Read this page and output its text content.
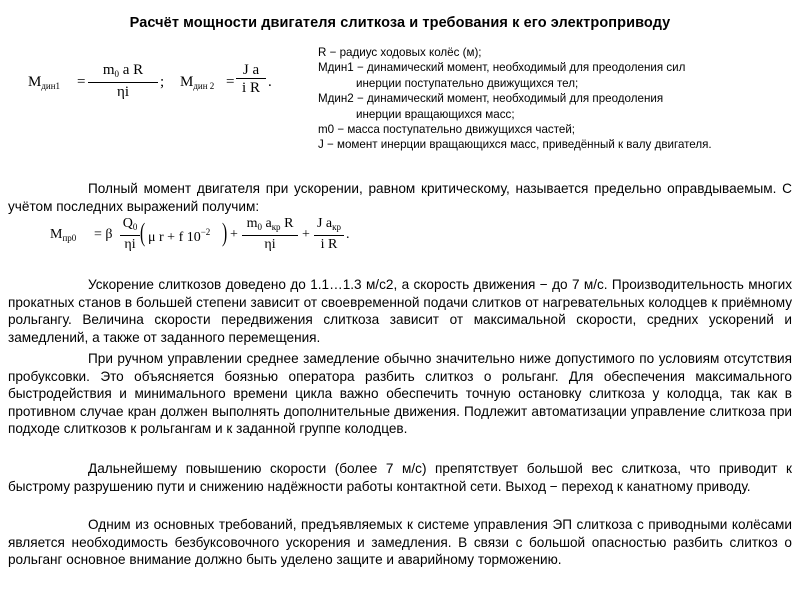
Расчёт мощности двигателя слиткоза и требования к его электроприводу
$M_{дин1} = \frac{m_0 a R}{\eta i}$ ; $M_{дин 2} = \frac{\text{J a}}{\text{i R}}$ .
R − радиус ходовых колёс (м);
Мдин1 − динамический момент, необходимый для преодоления сил
инерции поступательно движущихся тел;
Мдин2 − динамический момент, необходимый для преодоления
инерции вращающихся масс;
m0 − масса поступательно движущихся частей;
J − момент инерции вращающихся масс, приведённый к валу двигателя.
Полный момент двигателя при ускорении, равном критическому, называется предельно оправдываемым. С учётом последних выражений получим:
$M_{пр0} = \beta \frac{Q_0}{\eta i}$ ( μ r + f $10^{-2}$ ) +
$m_0$ $a_{кр}$ R
ηi
+
J $a_{кр}$
i R
.
Ускорение слиткозов доведено до 1.1…1.3 м/с2, а скорость движения − до 7 м/с. Производительность многих прокатных станов в большей степени зависит от своевременной подачи слитков от нагревательных колодцев к приёмному рольгангу. Величина скорости передвижения слиткоза зависит от максимальной скорости, средних ускорений и замедлений, а также от заданного перемещения.
При ручном управлении среднее замедление обычно значительно ниже допустимого по условиям отсутствия пробуксовки. Это объясняется боязнью оператора разбить слиткоз о рольганг. Для обеспечения максимального быстродействия и минимального времени цикла важно обеспечить точную остановку слиткоза у колодца, так как в противном случае кран должен выполнять дополнительные движения. Подлежит автоматизации управление слиткоза при подходе слиткозов к рольгангам и к заданной группе колодцев.
Дальнейшему повышению скорости (более 7 м/с) препятствует большой вес слиткоза, что приводит к быстрому разрушению пути и снижению надёжности работы контактной сети. Выход − переход к канатному приводу.
Одним из основных требований, предъявляемых к системе управления ЭП слиткоза с приводными колёсами является необходимость безбуксовочного ускорения и замедления. В связи с большой опасностью разбить слиткоз о рольганг основное внимание должно быть уделено защите и аварийному торможению.
